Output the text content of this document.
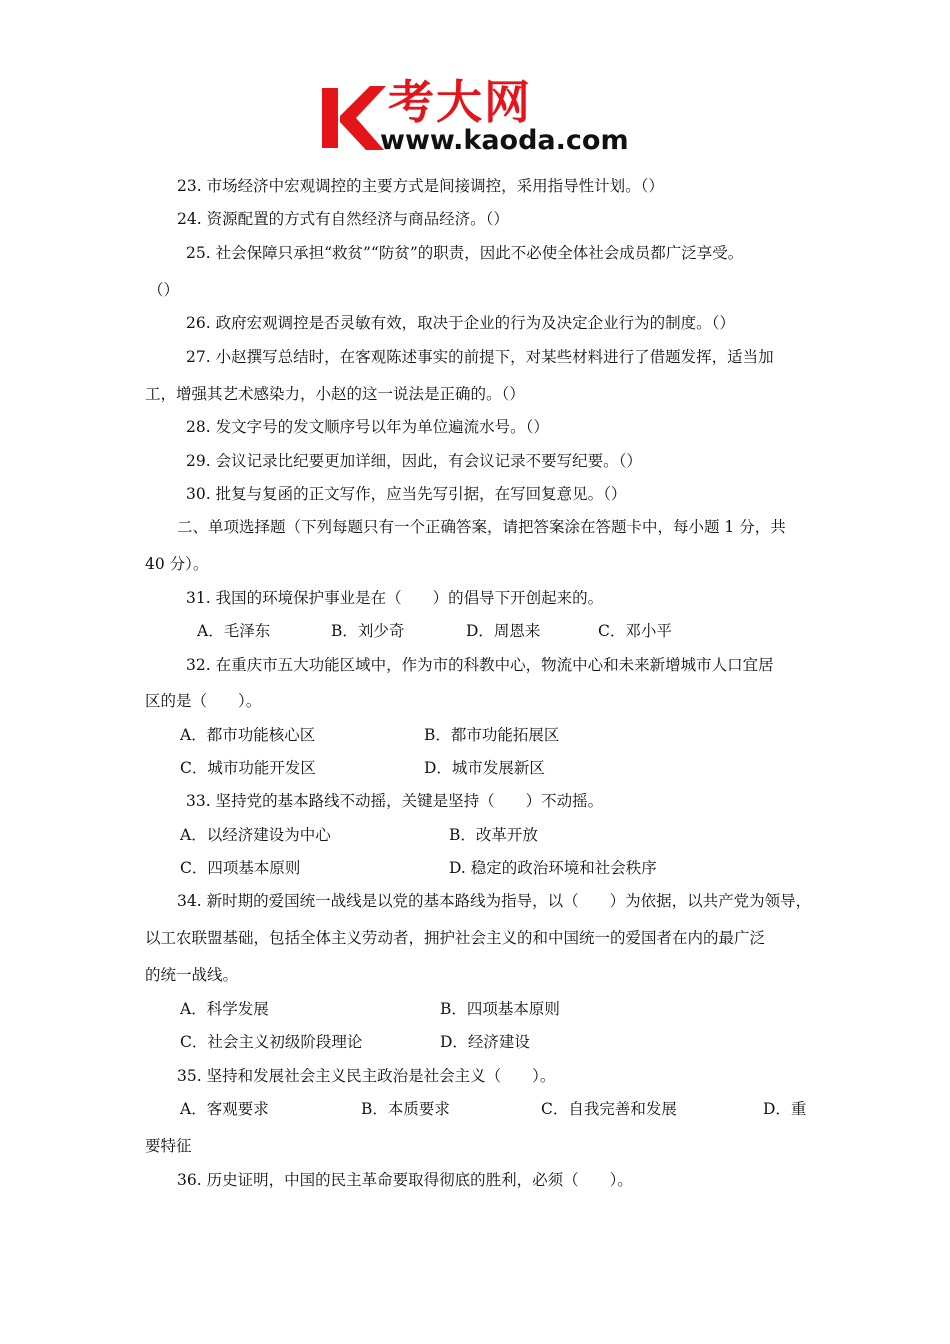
考大网
www.kaoda.com
23. 市场经济中宏观调控的主要方式是间接调控，采用指导性计划。（）
24. 资源配置的方式有自然经济与商品经济。（）
25. 社会保障只承担“救贫”“防贫”的职责，因此不必使全体社会成员都广泛享受。
（）
26. 政府宏观调控是否灵敏有效，取决于企业的行为及决定企业行为的制度。（）
27. 小赵撰写总结时，在客观陈述事实的前提下，对某些材料进行了借题发挥，适当加
工，增强其艺术感染力，小赵的这一说法是正确的。（）
28. 发文字号的发文顺序号以年为单位遍流水号。（）
29. 会议记录比纪要更加详细，因此，有会议记录不要写纪要。（）
30. 批复与复函的正文写作，应当先写引据，在写回复意见。（）
二、单项选择题（下列每题只有一个正确答案，请把答案涂在答题卡中，每小题 1 分，共
40 分）。
31. 我国的环境保护事业是在（　　）的倡导下开创起来的。
A．毛泽东	B．刘少奇	D．周恩来	C．邓小平
32. 在重庆市五大功能区域中，作为市的科教中心，物流中心和未来新增城市人口宜居
区的是（　　）。
A．都市功能核心区	B．都市功能拓展区
C．城市功能开发区	D．城市发展新区
33. 坚持党的基本路线不动摇，关键是坚持（　　）不动摇。
A．以经济建设为中心	B．改革开放
C．四项基本原则	D. 稳定的政治环境和社会秩序
34. 新时期的爱国统一战线是以党的基本路线为指导，以（　　）为依据，以共产党为领导，
以工农联盟基础，包括全体主义劳动者，拥护社会主义的和中国统一的爱国者在内的最广泛
的统一战线。
A．科学发展	B．四项基本原则
C．社会主义初级阶段理论	D．经济建设
35. 坚持和发展社会主义民主政治是社会主义（　　）。
A．客观要求	B．本质要求	C．自我完善和发展	D．重
要特征
36. 历史证明，中国的民主革命要取得彻底的胜利，必须（　　）。
